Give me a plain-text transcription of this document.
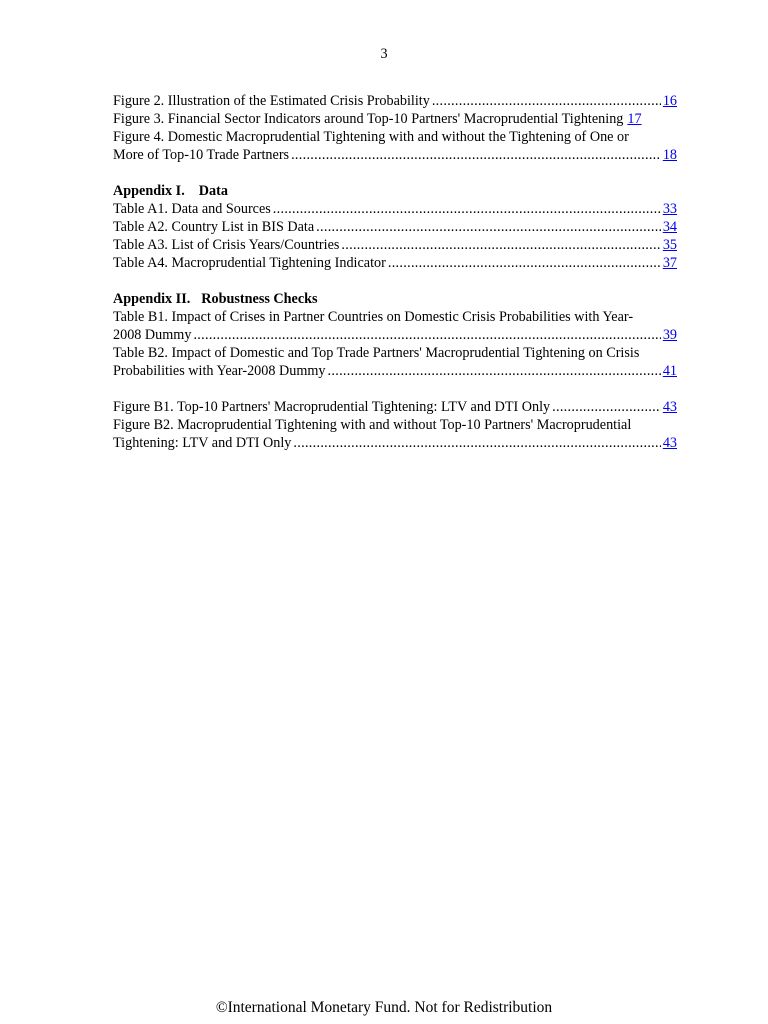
3
Figure 2. Illustration of the Estimated Crisis Probability .....	16
Figure 3. Financial Sector Indicators around Top-10 Partners' Macroprudential Tightening 17
Figure 4. Domestic Macroprudential Tightening with and without the Tightening of One or
More of Top-10 Trade Partners .....	18
Appendix I. Data
Table A1. Data and Sources .....	33
Table A2. Country List in BIS Data .....	34
Table A3. List of Crisis Years/Countries .....	35
Table A4. Macroprudential Tightening Indicator .....	37
Appendix II. Robustness Checks
Table B1. Impact of Crises in Partner Countries on Domestic Crisis Probabilities with Year-
2008 Dummy .....	39
Table B2. Impact of Domestic and Top Trade Partners' Macroprudential Tightening on Crisis
Probabilities with Year-2008 Dummy .....	41
Figure B1. Top-10 Partners' Macroprudential Tightening: LTV and DTI Only .....	43
Figure B2. Macroprudential Tightening with and without Top-10 Partners' Macroprudential
Tightening: LTV and DTI Only .....	43
©International Monetary Fund. Not for Redistribution
